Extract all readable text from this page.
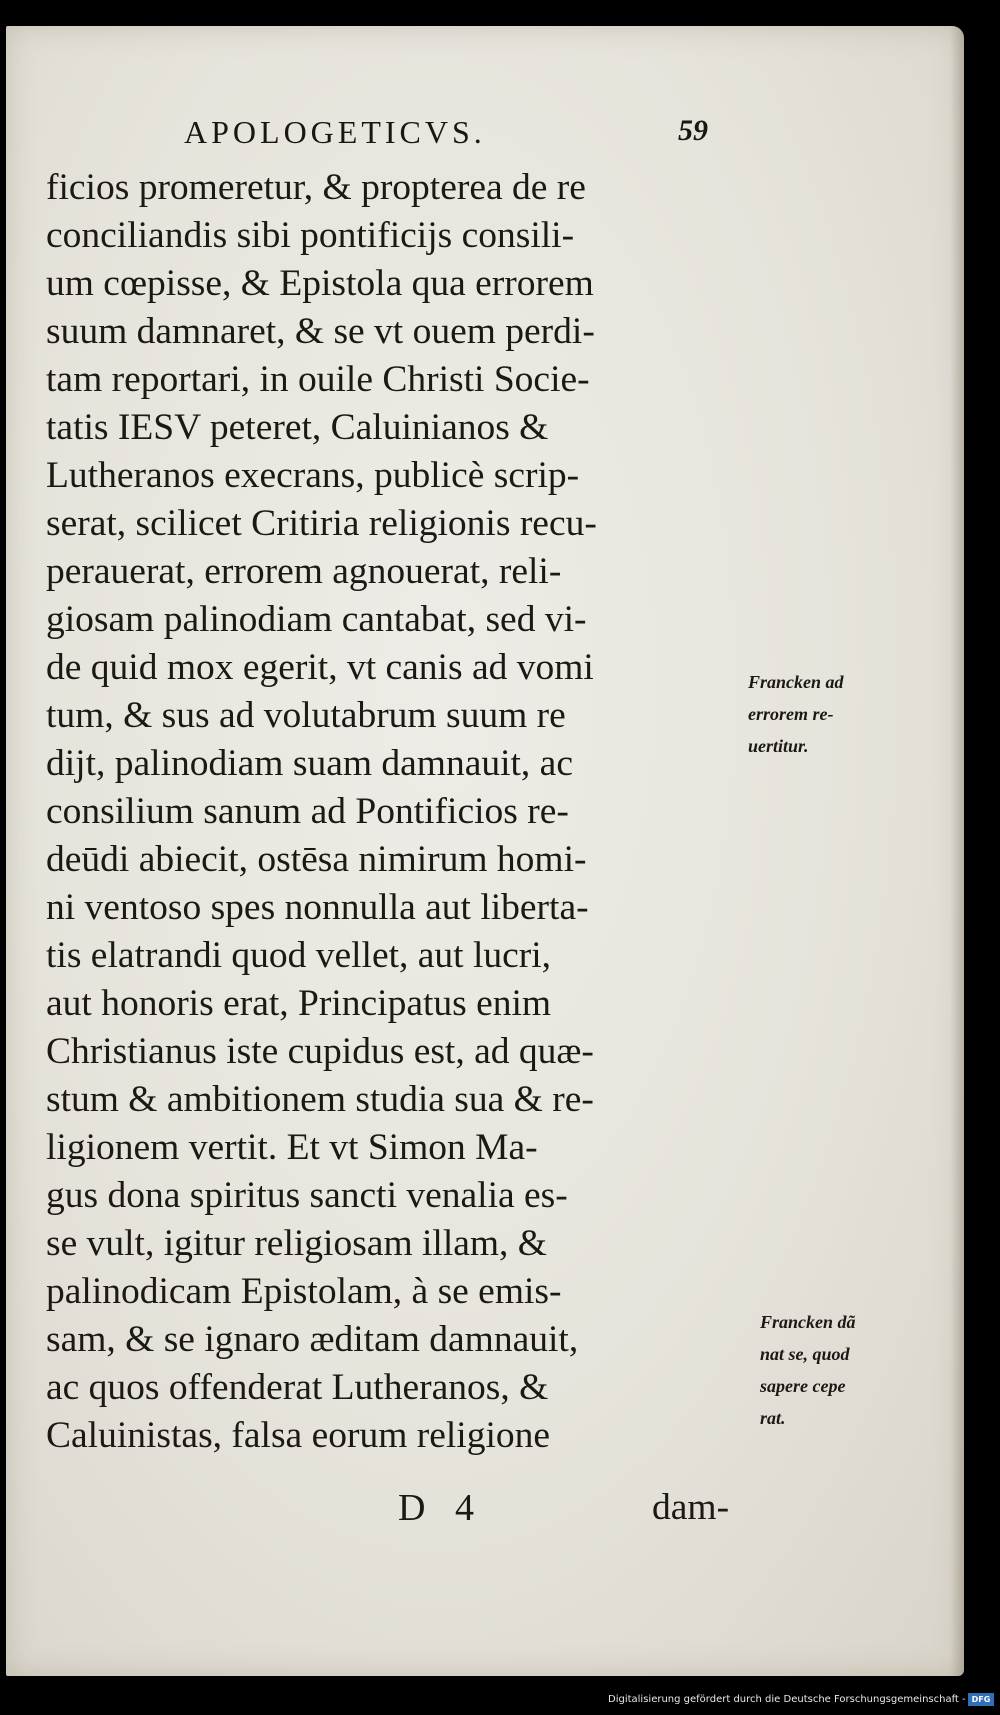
APOLOGETICVS.	59
ficios promeretur, & propterea de re
conciliandis sibi pontificijs consili-
um cœpisse, & Epistola qua errorem
suum damnaret, & se vt ouem perdi-
tam reportari, in ouile Christi Socie-
tatis IESV peteret, Caluinianos &
Lutheranos execrans, publicè scrip-
serat, scilicet Critiria religionis recu-
perauerat, errorem agnouerat, reli-
giosam palinodiam cantabat, sed vi-
de quid mox egerit, vt canis ad vomi
tum, & sus ad volutabrum suum re
dijt, palinodiam suam damnauit, ac
consilium sanum ad Pontificios re-
deūdi abiecit, ostēsa nimirum homi-
ni ventoso spes nonnulla aut liberta-
tis elatrandi quod vellet, aut lucri,
aut honoris erat, Principatus enim
Christianus iste cupidus est, ad quæ-
stum & ambitionem studia sua & re-
ligionem vertit. Et vt Simon Ma-
gus dona spiritus sancti venalia es-
se vult, igitur religiosam illam, &
palinodicam Epistolam, à se emis-
sam, & se ignaro æditam damnauit,
ac quos offenderat Lutheranos, &
Caluinistas, falsa eorum religione
Francken ad
errorem re-
uertitur.
Francken dã
nat se, quod
sapere cepe
rat.
D 4	dam-
Digitalisierung gefördert durch die Deutsche Forschungsgemeinschaft - DFG
